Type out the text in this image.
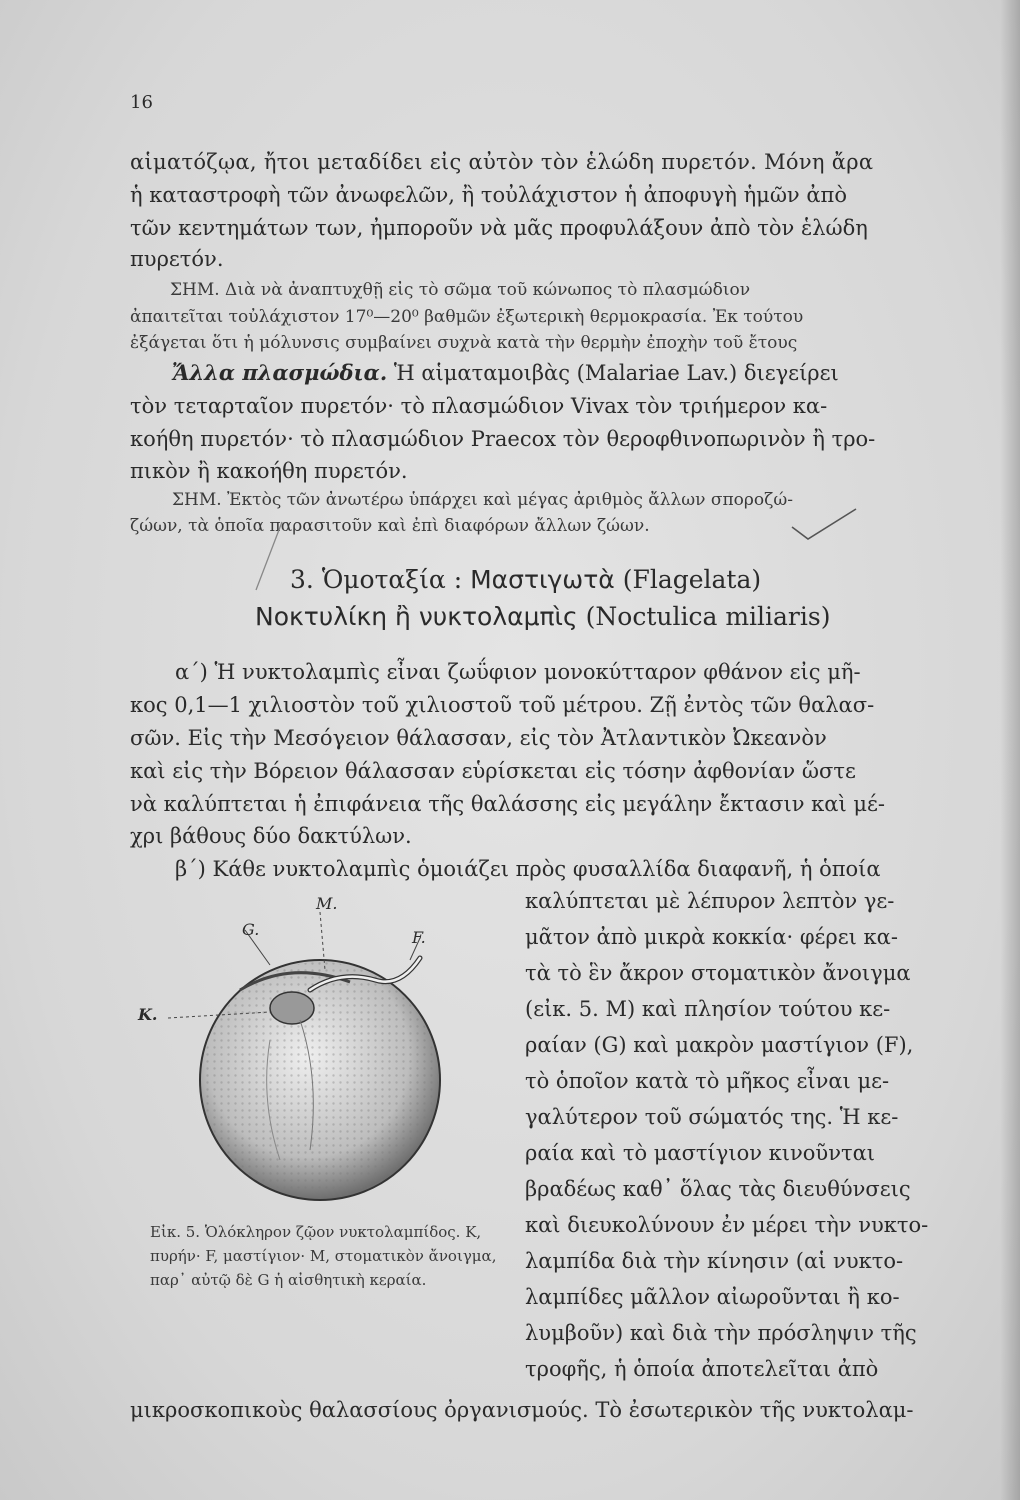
16
αἱματόζῳα, ἤτοι μεταδίδει εἰς αὐτὸν τὸν ἑλώδη πυρετόν. Μόνη ἄρα
ἡ καταστροφὴ τῶν ἀνωφελῶν, ἢ τοὐλάχιστον ἡ ἀποφυγὴ ἡμῶν ἀπὸ
τῶν κεντημάτων των, ἠμποροῦν νὰ μᾶς προφυλάξουν ἀπὸ τὸν ἑλώδη
πυρετόν.
ΣΗΜ. Διὰ νὰ ἀναπτυχθῇ εἰς τὸ σῶμα τοῦ κώνωπος τὸ πλασμώδιον
ἀπαιτεῖται τοὐλάχιστον 17⁰—20⁰ βαθμῶν ἐξωτερικὴ θερμοκρασία. Ἐκ τούτου
ἐξάγεται ὅτι ἡ μόλυνσις συμβαίνει συχνὰ κατὰ τὴν θερμὴν ἐποχὴν τοῦ ἔτους
Ἄλλα πλασμώδια. Ἡ αἱματαμοιβὰς (Malariae Lav.) διεγείρει
τὸν τεταρταῖον πυρετόν· τὸ πλασμώδιον Vivax τὸν τριήμερον κα-
κοήθη πυρετόν· τὸ πλασμώδιον Praecox τὸν θεροφθινοπωρινὸν ἢ τρο-
πικὸν ἢ κακοήθη πυρετόν.
ΣΗΜ. Ἐκτὸς τῶν ἀνωτέρω ὑπάρχει καὶ μέγας ἀριθμὸς ἄλλων σποροζώ-
ζώων, τὰ ὁποῖα παρασιτοῦν καὶ ἐπὶ διαφόρων ἄλλων ζώων.
3. Ὁμοταξία : Μαστιγωτὰ (Flagelata)
Νοκτυλίκη ἢ νυκτολαμπὶς (Noctulica miliaris)
α΄) Ἡ νυκτολαμπὶς εἶναι ζωΰφιον μονοκύτταρον φθάνον εἰς μῆ-
κος 0,1—1 χιλιοστὸν τοῦ χιλιοστοῦ τοῦ μέτρου. Ζῇ ἐντὸς τῶν θαλασ-
σῶν. Εἰς τὴν Μεσόγειον θάλασσαν, εἰς τὸν Ἀτλαντικὸν Ὠκεανὸν
καὶ εἰς τὴν Βόρειον θάλασσαν εὑρίσκεται εἰς τόσην ἀφθονίαν ὥστε
νὰ καλύπτεται ἡ ἐπιφάνεια τῆς θαλάσσης εἰς μεγάλην ἔκτασιν καὶ μέ-
χρι βάθους δύο δακτύλων.
β΄) Κάθε νυκτολαμπὶς ὁμοιάζει πρὸς φυσαλλίδα διαφανῆ, ἡ ὁποία
M.
G.	F.
K.
Εἰκ. 5. Ὁλόκληρον ζῷον νυκτολαμπίδος. K, πυρήν· F, μαστίγιον· M, στοματικὸν ἄνοιγμα, παρ᾽ αὐτῷ δὲ G ἡ αἰσθητικὴ κεραία.
καλύπτεται μὲ λέπυρον λεπτὸν γε-
μᾶτον ἀπὸ μικρὰ κοκκία· φέρει κα-
τὰ τὸ ἓν ἄκρον στοματικὸν ἄνοιγμα
(εἰκ. 5. Μ) καὶ πλησίον τούτου κε-
ραίαν (G) καὶ μακρὸν μαστίγιον (F),
τὸ ὁποῖον κατὰ τὸ μῆκος εἶναι με-
γαλύτερον τοῦ σώματός της. Ἡ κε-
ραία καὶ τὸ μαστίγιον κινοῦνται
βραδέως καθ᾽ ὅλας τὰς διευθύνσεις
καὶ διευκολύνουν ἐν μέρει τὴν νυκτο-
λαμπίδα διὰ τὴν κίνησιν (αἱ νυκτο-
λαμπίδες μᾶλλον αἰωροῦνται ἢ κο-
λυμβοῦν) καὶ διὰ τὴν πρόσληψιν τῆς
τροφῆς, ἡ ὁποία ἀποτελεῖται ἀπὸ
μικροσκοπικοὺς θαλασσίους ὀργανισμούς. Τὸ ἐσωτερικὸν τῆς νυκτολαμ-
